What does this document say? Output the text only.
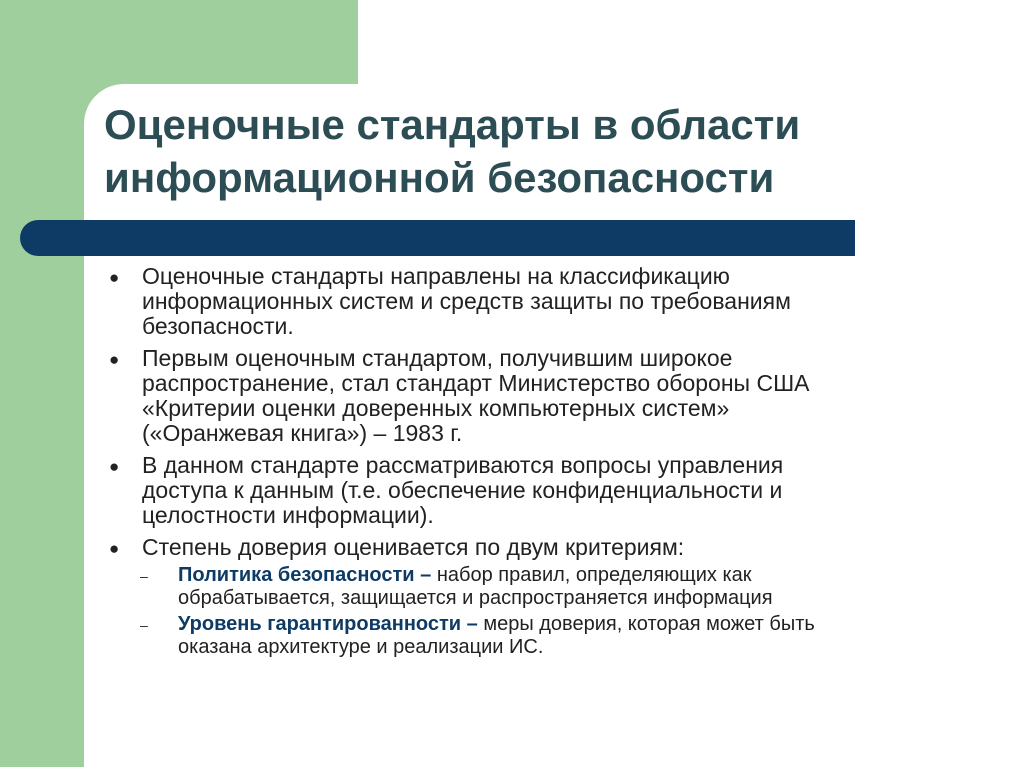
Оценочные стандарты в области
информационной безопасности
● Оценочные стандарты направлены на классификацию
информационных систем и средств защиты по требованиям
безопасности.
● Первым оценочным стандартом, получившим широкое
распространение, стал стандарт Министерство обороны США
«Критерии оценки доверенных компьютерных систем»
(«Оранжевая книга») – 1983 г.
● В данном стандарте рассматриваются вопросы управления
доступа к данным (т.е. обеспечение конфиденциальности и
целостности информации).
● Степень доверия оценивается по двум критериям:
– Политика безопасности – набор правил, определяющих как
обрабатывается, защищается и распространяется информация
– Уровень гарантированности – меры доверия, которая может быть
оказана архитектуре и реализации ИС.
